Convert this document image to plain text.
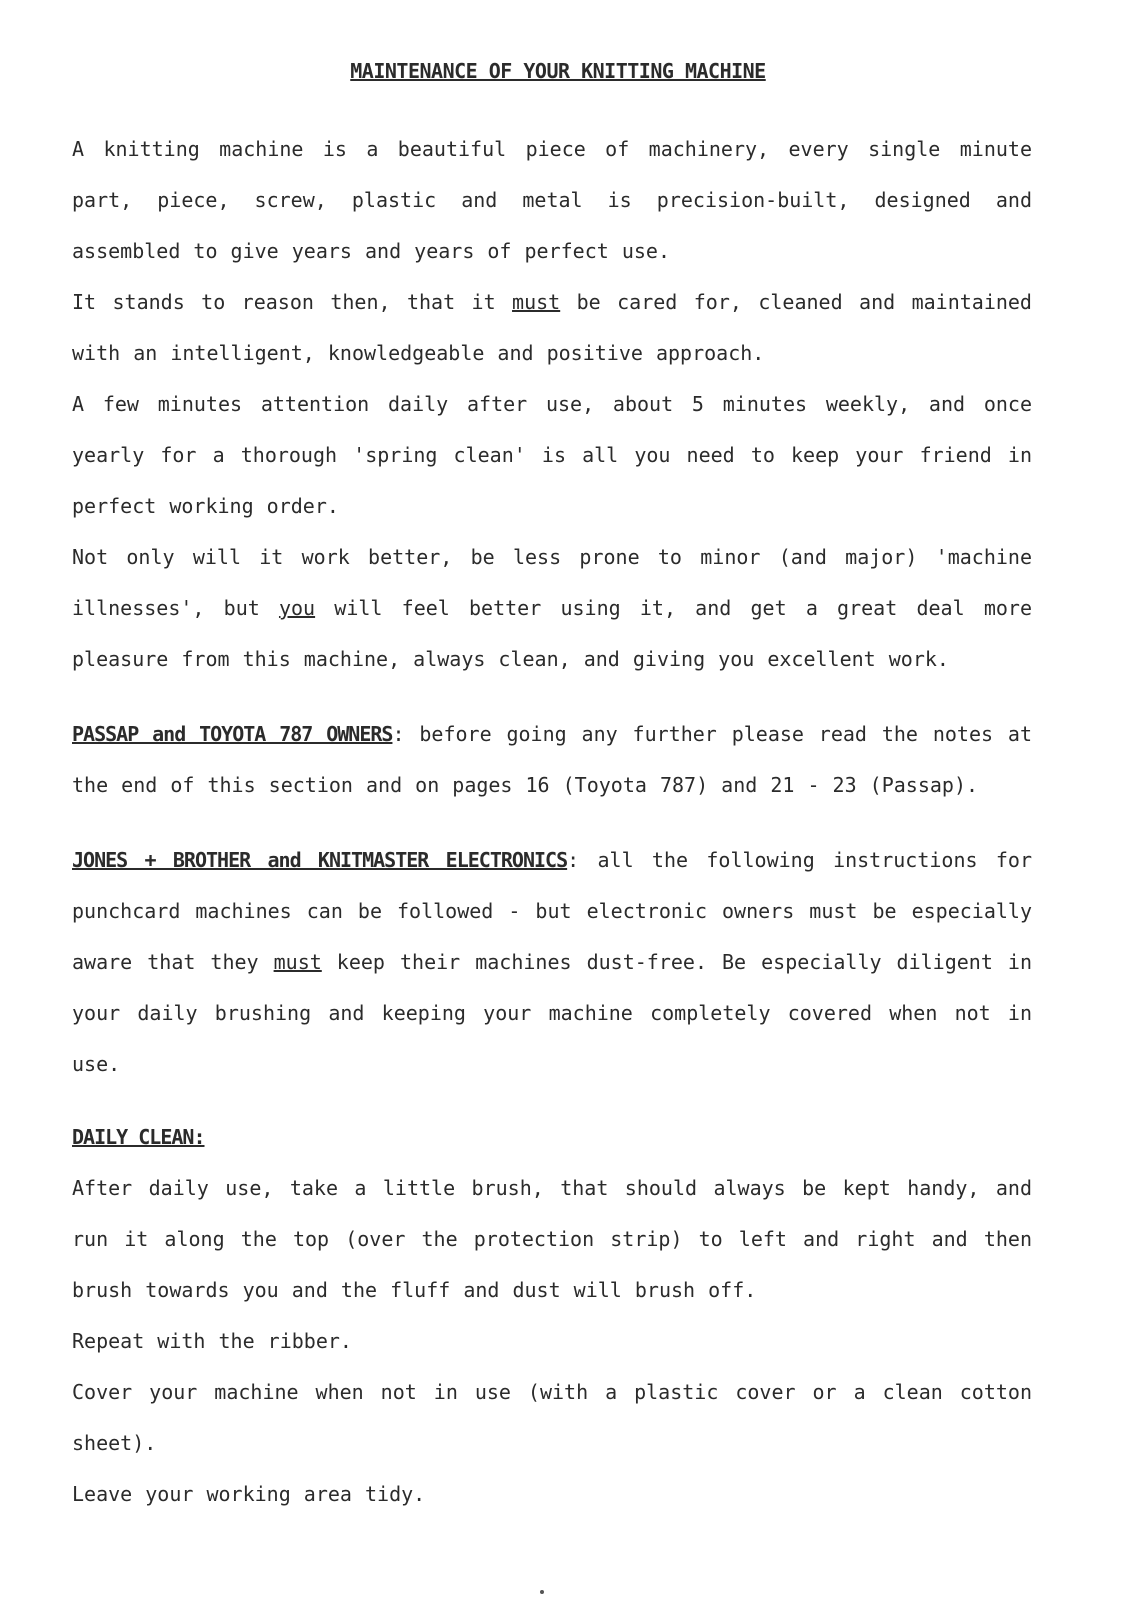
MAINTENANCE OF YOUR KNITTING MACHINE

A knitting machine is a beautiful piece of machinery, every single minute part, piece, screw, plastic and metal is precision-built, designed and assembled to give years and years of perfect use.

It stands to reason then, that it must be cared for, cleaned and maintained with an intelligent, knowledgeable and positive approach.

A few minutes attention daily after use, about 5 minutes weekly, and once yearly for a thorough 'spring clean' is all you need to keep your friend in perfect working order.

Not only will it work better, be less prone to minor (and major) 'machine illnesses', but you will feel better using it, and get a great deal more pleasure from this machine, always clean, and giving you excellent work.

PASSAP and TOYOTA 787 OWNERS: before going any further please read the notes at the end of this section and on pages 16 (Toyota 787) and 21 - 23 (Passap).

JONES + BROTHER and KNITMASTER ELECTRONICS: all the following instructions for punchcard machines can be followed - but electronic owners must be especially aware that they must keep their machines dust-free. Be especially diligent in your daily brushing and keeping your machine completely covered when not in use.

DAILY CLEAN:

After daily use, take a little brush, that should always be kept handy, and run it along the top (over the protection strip) to left and right and then brush towards you and the fluff and dust will brush off.

Repeat with the ribber.

Cover your machine when not in use (with a plastic cover or a clean cotton sheet).

Leave your working area tidy.
